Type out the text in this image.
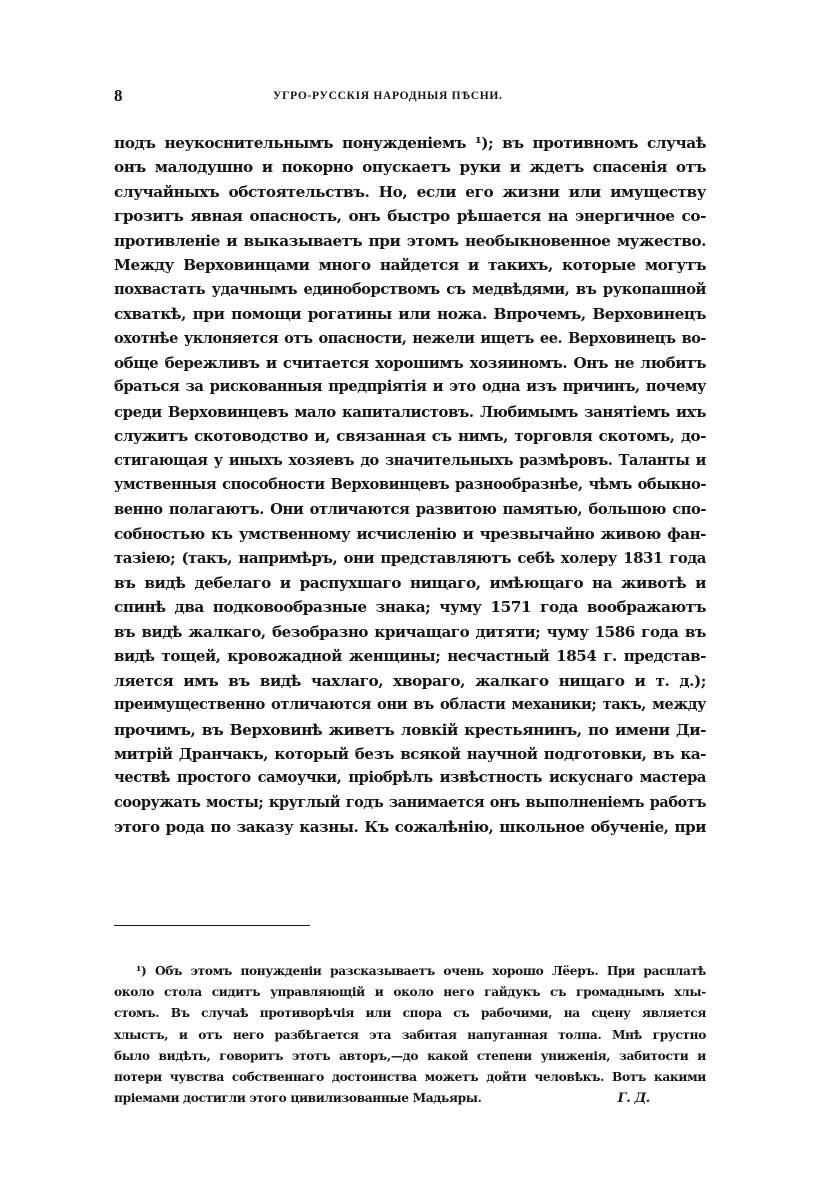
8	УГРО-РУССКІЯ НАРОДНЫЯ ПѢСНИ.
подъ неукоснительнымъ понужденіемъ ¹); въ противномъ случаѣ
онъ малодушно и покорно опускаетъ руки и ждетъ спасенія отъ
случайныхъ обстоятельствъ. Но, если его жизни или имуществу
грозитъ явная опасность, онъ быстро рѣшается на энергичное со-
противленіе и выказываетъ при этомъ необыкновенное мужество.
Между Верховинцами много найдется и такихъ, которые могутъ
похвастать удачнымъ единоборствомъ съ медвѣдями, въ рукопашной
схваткѣ, при помощи рогатины или ножа. Впрочемъ, Верховинецъ
охотнѣе уклоняется отъ опасности, нежели ищетъ ее. Верховинецъ во-
обще бережливъ и считается хорошимъ хозяиномъ. Онъ не любитъ
браться за рискованныя предпріятія и это одна изъ причинъ, почему
среди Верховинцевъ мало капиталистовъ. Любимымъ занятіемъ ихъ
служитъ скотоводство и, связанная съ нимъ, торговля скотомъ, до-
стигающая у иныхъ хозяевъ до значительныхъ размѣровъ. Таланты и
умственныя способности Верховинцевъ разнообразнѣе, чѣмъ обыкно-
венно полагаютъ. Они отличаются развитою памятью, большою спо-
собностью къ умственному исчисленію и чрезвычайно живою фан-
тазіею; (такъ, напримѣръ, они представляютъ себѣ холеру 1831 года
въ видѣ дебелаго и распухшаго нищаго, имѣющаго на животѣ и
спинѣ два подковообразные знака; чуму 1571 года воображаютъ
въ видѣ жалкаго, безобразно кричащаго дитяти; чуму 1586 года въ
видѣ тощей, кровожадной женщины; несчастный 1854 г. представ-
ляется имъ въ видѣ чахлаго, хвораго, жалкаго нищаго и т. д.);
преимущественно отличаются они въ области механики; такъ, между
прочимъ, въ Верховинѣ живетъ ловкій крестьянинъ, по имени Ди-
митрій Дранчакъ, который безъ всякой научной подготовки, въ ка-
чествѣ простого самоучки, пріобрѣлъ извѣстность искуснаго мастера
сооружать мосты; круглый годъ занимается онъ выполненіемъ работъ
этого рода по заказу казны. Къ сожалѣнію, школьное обученіе, при
¹) Объ этомъ понужденіи разсказываетъ очень хорошо Лёеръ. При расплатѣ
около стола сидитъ управляющій и около него гайдукъ съ громаднымъ хлы-
стомъ. Въ случаѣ противорѣчія или спора съ рабочими, на сцену является
хлыстъ, и отъ него разбѣгается эта забитая напуганная толпа. Мнѣ грустно
было видѣть, говоритъ этотъ авторъ,—до какой степени униженія, забитости и
потери чувства собственнаго достоинства можетъ дойти человѣкъ. Вотъ какими
пріемами достигли этого цивилизованные Мадьяры.	Г. Д.
